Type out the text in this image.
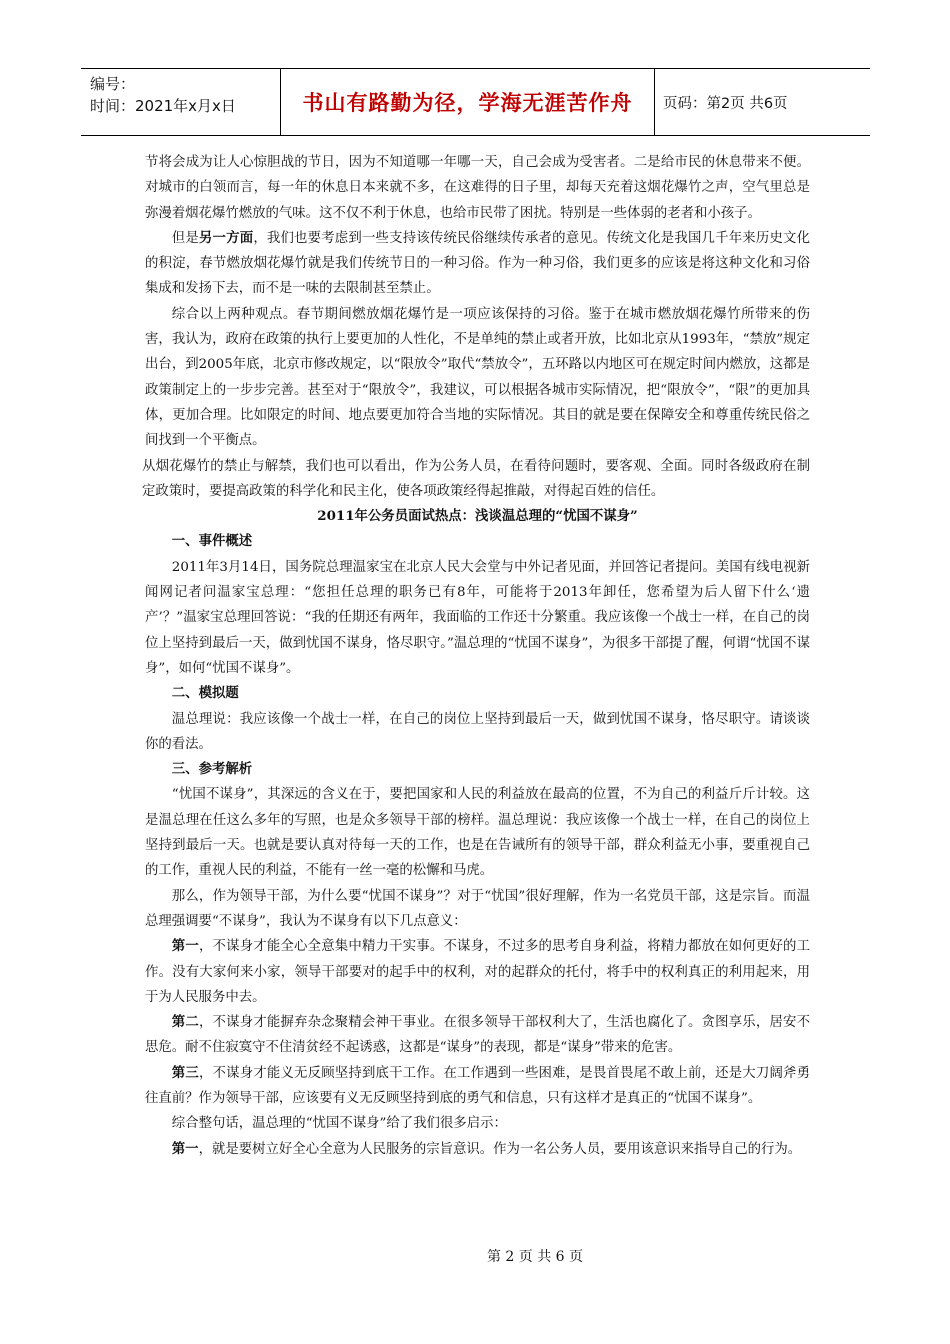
编号：
时间：2021年x月x日	书山有路勤为径，学海无涯苦作舟 页码：第2页 共6页

节将会成为让人心惊胆战的节日，因为不知道哪一年哪一天，自己会成为受害者。二是给市民的休息带来不便。对城市的白领而言，每一年的休息日本来就不多，在这难得的日子里，却每天充着这烟花爆竹之声，空气里总是弥漫着烟花爆竹燃放的气味。这不仅不利于休息，也给市民带了困扰。特别是一些体弱的老者和小孩子。

但是另一方面，我们也要考虑到一些支持该传统民俗继续传承者的意见。传统文化是我国几千年来历史文化的积淀，春节燃放烟花爆竹就是我们传统节日的一种习俗。作为一种习俗，我们更多的应该是将这种文化和习俗集成和发扬下去，而不是一味的去限制甚至禁止。

综合以上两种观点。春节期间燃放烟花爆竹是一项应该保持的习俗。鉴于在城市燃放烟花爆竹所带来的伤害，我认为，政府在政策的执行上要更加的人性化，不是单纯的禁止或者开放，比如北京从1993年，“禁放”规定出台，到2005年底，北京市修改规定，以“限放令”取代“禁放令”，五环路以内地区可在规定时间内燃放，这都是政策制定上的一步步完善。甚至对于“限放令”，我建议，可以根据各城市实际情况，把“限放令”，“限”的更加具体，更加合理。比如限定的时间、地点要更加符合当地的实际情况。其目的就是要在保障安全和尊重传统民俗之间找到一个平衡点。

从烟花爆竹的禁止与解禁，我们也可以看出，作为公务人员，在看待问题时，要客观、全面。同时各级政府在制定政策时，要提高政策的科学化和民主化，使各项政策经得起推敲，对得起百姓的信任。

2011年公务员面试热点：浅谈温总理的“忧国不谋身”

一、事件概述

2011年3月14日，国务院总理温家宝在北京人民大会堂与中外记者见面，并回答记者提问。美国有线电视新闻网记者问温家宝总理：“您担任总理的职务已有8年，可能将于2013年卸任，您希望为后人留下什么‘遗产’？”温家宝总理回答说：“我的任期还有两年，我面临的工作还十分繁重。我应该像一个战士一样，在自己的岗位上坚持到最后一天，做到忧国不谋身，恪尽职守。”温总理的“忧国不谋身”，为很多干部提了醒，何谓“忧国不谋身”，如何“忧国不谋身”。

二、模拟题

温总理说：我应该像一个战士一样，在自己的岗位上坚持到最后一天，做到忧国不谋身，恪尽职守。请谈谈你的看法。

三、参考解析

“忧国不谋身”，其深远的含义在于，要把国家和人民的利益放在最高的位置，不为自己的利益斤斤计较。这是温总理在任这么多年的写照，也是众多领导干部的榜样。温总理说：我应该像一个战士一样，在自己的岗位上坚持到最后一天。也就是要认真对待每一天的工作，也是在告诫所有的领导干部，群众利益无小事，要重视自己的工作，重视人民的利益，不能有一丝一毫的松懈和马虎。

那么，作为领导干部，为什么要“忧国不谋身”？对于“忧国”很好理解，作为一名党员干部，这是宗旨。而温总理强调要“不谋身”，我认为不谋身有以下几点意义：

第一，不谋身才能全心全意集中精力干实事。不谋身，不过多的思考自身利益，将精力都放在如何更好的工作。没有大家何来小家，领导干部要对的起手中的权利，对的起群众的托付，将手中的权利真正的利用起来，用于为人民服务中去。

第二，不谋身才能摒弃杂念聚精会神干事业。在很多领导干部权利大了，生活也腐化了。贪图享乐，居安不思危。耐不住寂寞守不住清贫经不起诱惑，这都是“谋身”的表现，都是“谋身”带来的危害。

第三，不谋身才能义无反顾坚持到底干工作。在工作遇到一些困难，是畏首畏尾不敢上前，还是大刀阔斧勇往直前？作为领导干部，应该要有义无反顾坚持到底的勇气和信息，只有这样才是真正的“忧国不谋身”。

综合整句话，温总理的“忧国不谋身”给了我们很多启示：

第一，就是要树立好全心全意为人民服务的宗旨意识。作为一名公务人员，要用该意识来指导自己的行为。

第 2 页 共 6 页
